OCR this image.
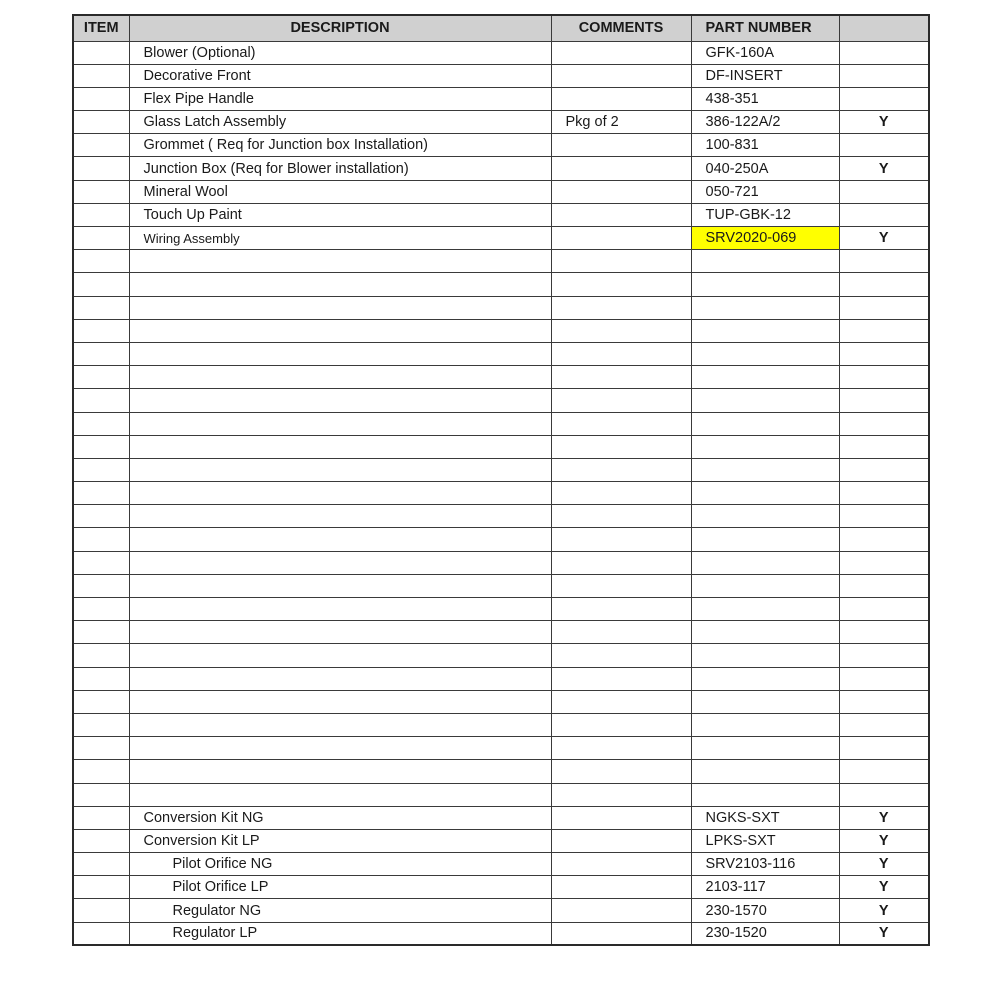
ITEM	DESCRIPTION	COMMENTS	PART NUMBER	
	Blower (Optional)		GFK-160A	
	Decorative Front		DF-INSERT	
	Flex Pipe Handle		438-351	
	Glass Latch Assembly	Pkg of 2	386-122A/2	Y
	Grommet ( Req for Junction box Installation)		100-831	
	Junction Box (Req for Blower installation)		040-250A	Y
	Mineral Wool		050-721	
	Touch Up Paint		TUP-GBK-12	
	Wiring Assembly		SRV2020-069	Y

	Conversion Kit NG		NGKS-SXT	Y
	Conversion Kit LP		LPKS-SXT	Y
	Pilot Orifice NG		SRV2103-116	Y
	Pilot Orifice LP		2103-117	Y
	Regulator NG		230-1570	Y
	Regulator LP		230-1520	Y
